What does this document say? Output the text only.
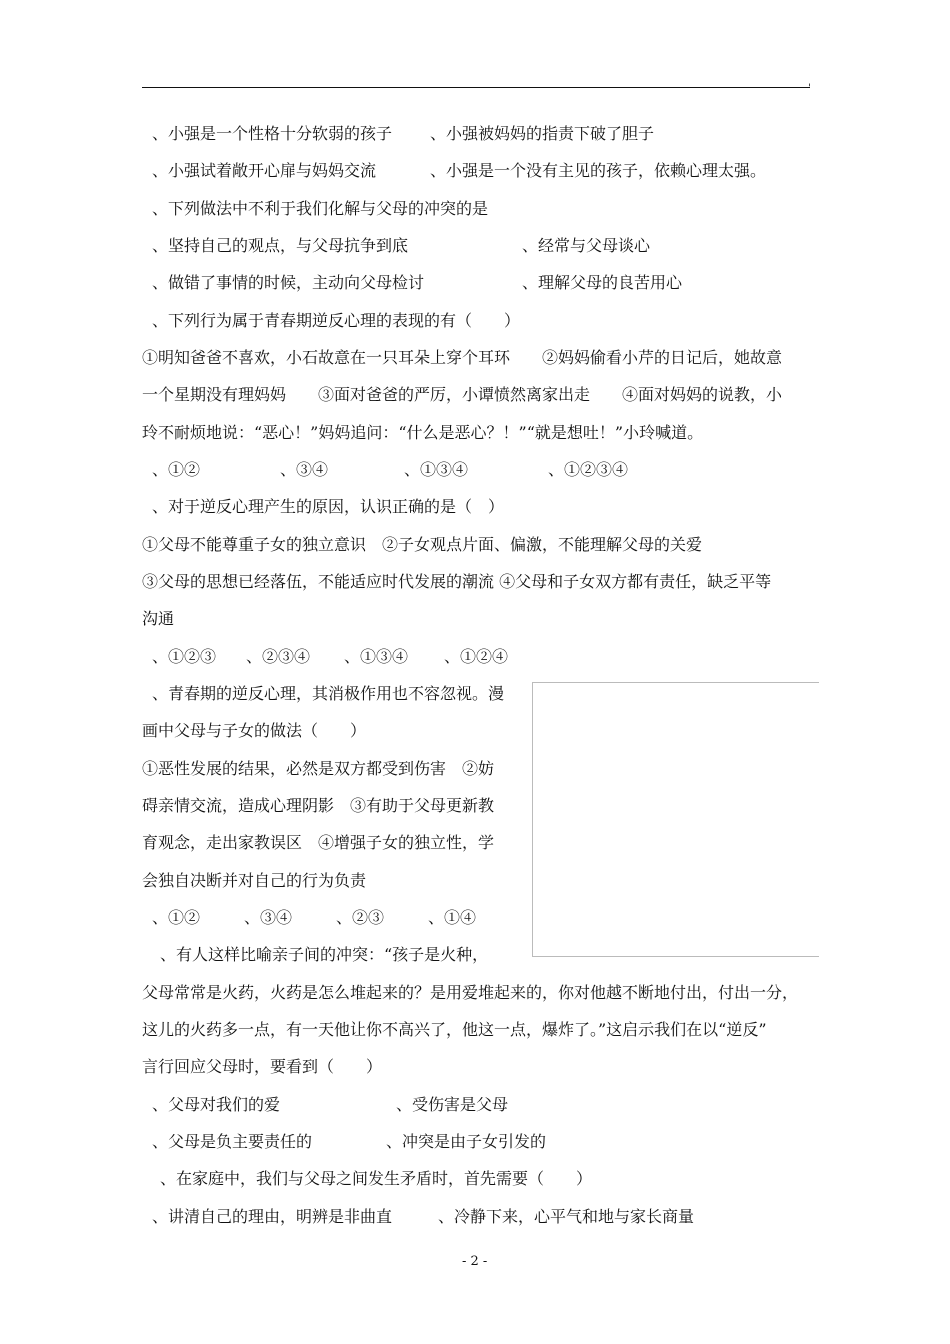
'
、小强是一个性格十分软弱的孩子 、小强被妈妈的指责下破了胆子
、小强试着敞开心扉与妈妈交流	、小强是一个没有主见的孩子，依赖心理太强。
、下列做法中不利于我们化解与父母的冲突的是
、坚持自己的观点，与父母抗争到底	、经常与父母谈心
、做错了事情的时候，主动向父母检讨	、理解父母的良苦用心
、下列行为属于青春期逆反心理的表现的有（　　）
①明知爸爸不喜欢，小石故意在一只耳朵上穿个耳环　　②妈妈偷看小芹的日记后，她故意
一个星期没有理妈妈　　③面对爸爸的严厉，小谭愤然离家出走　　④面对妈妈的说教，小
玲不耐烦地说：“恶心！”妈妈追问：“什么是恶心？！”“就是想吐！”小玲喊道。
、①②	、③④	、①③④	、①②③④
、对于逆反心理产生的原因，认识正确的是（　）
①父母不能尊重子女的独立意识　②子女观点片面、偏激，不能理解父母的关爱
③父母的思想已经落伍，不能适应时代发展的潮流 ④父母和子女双方都有责任，缺乏平等
沟通
、①②③ 、②③④ 、①③④ 、①②④
、青春期的逆反心理，其消极作用也不容忽视。漫
画中父母与子女的做法（　　）
①恶性发展的结果，必然是双方都受到伤害　②妨
碍亲情交流，造成心理阴影　③有助于父母更新教
育观念，走出家教误区　④增强子女的独立性，学
会独自决断并对自己的行为负责
、①②	、③④	、②③	、①④
、有人这样比喻亲子间的冲突：“孩子是火种，
父母常常是火药，火药是怎么堆起来的？是用爱堆起来的，你对他越不断地付出，付出一分，
这儿的火药多一点，有一天他让你不高兴了，他这一点，爆炸了。”这启示我们在以“逆反”
言行回应父母时，要看到（　　）
、父母对我们的爱	、受伤害是父母
、父母是负主要责任的	、冲突是由子女引发的
、在家庭中，我们与父母之间发生矛盾时，首先需要（　　）
、讲清自己的理由，明辨是非曲直	、冷静下来，心平气和地与家长商量
- 2 -
